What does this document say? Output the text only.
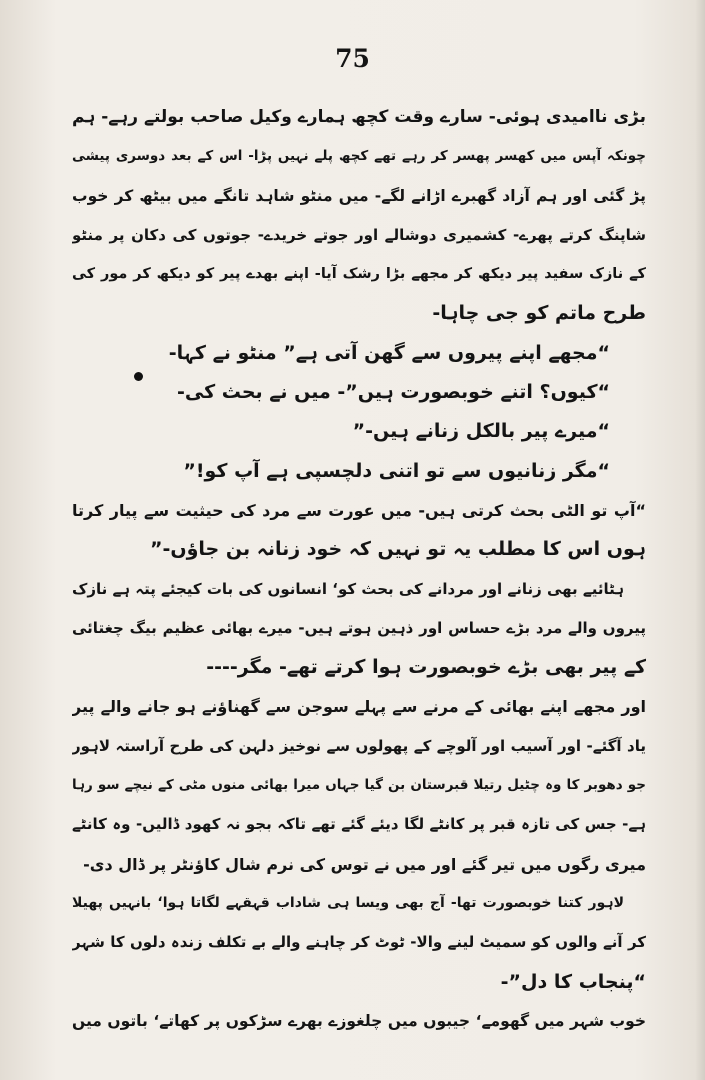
75
بڑی ناامیدی ہوئی- سارے وقت کچھ ہمارے وکیل صاحب بولتے رہے- ہم
چونکہ آپس میں کھسر پھسر کر رہے تھے کچھ پلے نہیں پڑا- اس کے بعد دوسری پیشی
پڑ گئی اور ہم آزاد گھبرے اڑانے لگے- میں منٹو شاہد تانگے میں بیٹھ کر خوب
شاپنگ کرتے پھرے- کشمیری دوشالے اور جوتے خریدے- جوتوں کی دکان پر منٹو
کے نازک سفید پیر دیکھ کر مجھے بڑا رشک آیا- اپنے بھدے پیر کو دیکھ کر مور کی
طرح ماتم کو جی چاہا-
“مجھے اپنے پیروں سے گھن آتی ہے” منٹو نے کہا-
“کیوں؟ اتنے خوبصورت ہیں”- میں نے بحث کی-
“میرے پیر بالکل زنانے ہیں-”
“مگر زنانیوں سے تو اتنی دلچسپی ہے آپ کو!”
“آپ تو الٹی بحث کرتی ہیں- میں عورت سے مرد کی حیثیت سے پیار کرتا
ہوں اس کا مطلب یہ تو نہیں کہ خود زنانہ بن جاؤں-”
ہٹائیے بھی زنانے اور مردانے کی بحث کو‘ انسانوں کی بات کیجئے پتہ ہے نازک
پیروں والے مرد بڑے حساس اور ذہین ہوتے ہیں- میرے بھائی عظیم بیگ چغتائی
کے پیر بھی بڑے خوبصورت ہوا کرتے تھے- مگر----
اور مجھے اپنے بھائی کے مرنے سے پہلے سوجن سے گھناؤنے ہو جانے والے پیر
یاد آگئے- اور آسیب اور آلوچے کے پھولوں سے نوخیز دلہن کی طرح آراستہ لاہور
جو دھوبر کا وہ چٹیل رتیلا قبرستان بن گیا جہاں میرا بھائی منوں مٹی کے نیچے سو رہا
ہے- جس کی تازہ قبر پر کانٹے لگا دیئے گئے تھے تاکہ بجو نہ کھود ڈالیں- وہ کانٹے
میری رگوں میں تیر گئے اور میں نے توس کی نرم شال کاؤنٹر پر ڈال دی-
لاہور کتنا خوبصورت تھا- آج بھی ویسا ہی شاداب قہقہے لگاتا ہوا‘ بانہیں پھیلا
کر آنے والوں کو سمیٹ لینے والا- ٹوٹ کر چاہنے والے بے تکلف زندہ دلوں کا شہر
“پنجاب کا دل”-
خوب شہر میں گھومے‘ جیبوں میں چلغوزے بھرے سڑکوں پر کھاتے‘ باتوں میں
